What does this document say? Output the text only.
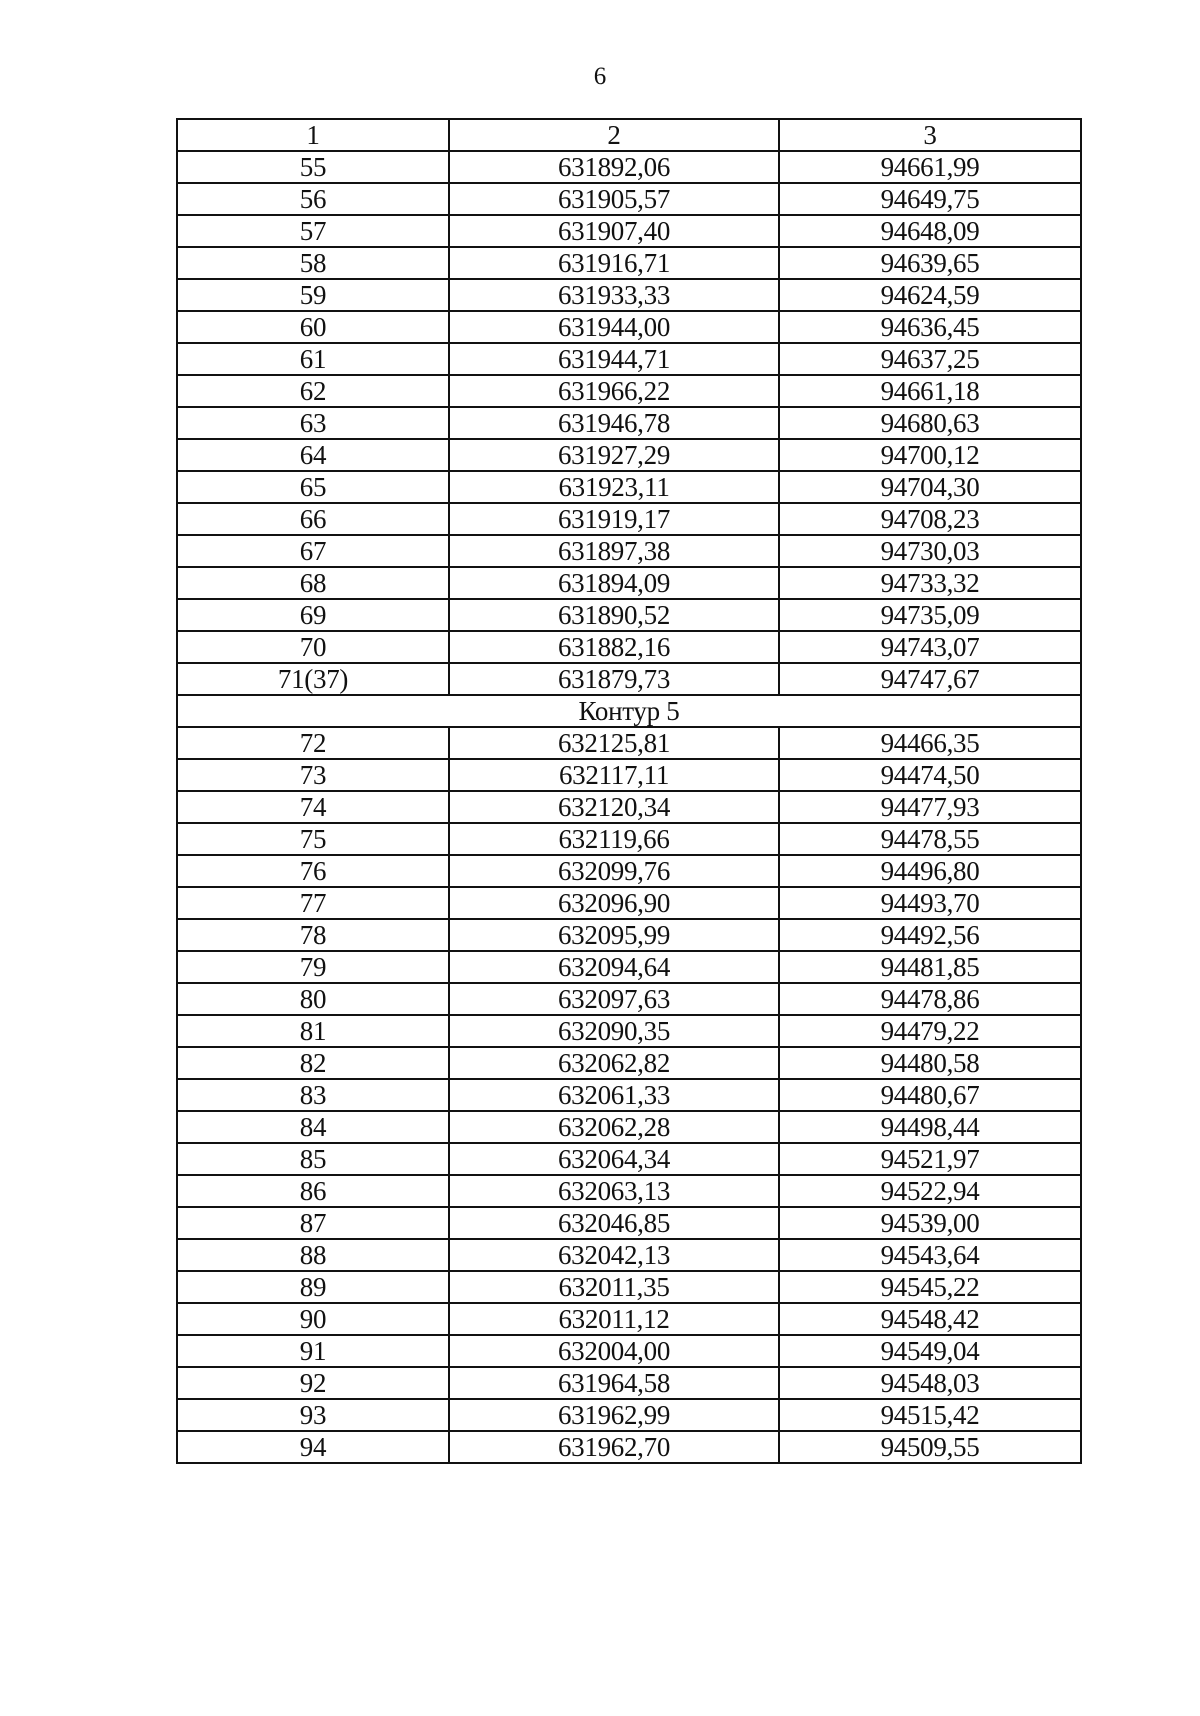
6
1	2	3
55	631892,06	94661,99
56	631905,57	94649,75
57	631907,40	94648,09
58	631916,71	94639,65
59	631933,33	94624,59
60	631944,00	94636,45
61	631944,71	94637,25
62	631966,22	94661,18
63	631946,78	94680,63
64	631927,29	94700,12
65	631923,11	94704,30
66	631919,17	94708,23
67	631897,38	94730,03
68	631894,09	94733,32
69	631890,52	94735,09
70	631882,16	94743,07
71(37)	631879,73	94747,67
Контур 5		
72	632125,81	94466,35
73	632117,11	94474,50
74	632120,34	94477,93
75	632119,66	94478,55
76	632099,76	94496,80
77	632096,90	94493,70
78	632095,99	94492,56
79	632094,64	94481,85
80	632097,63	94478,86
81	632090,35	94479,22
82	632062,82	94480,58
83	632061,33	94480,67
84	632062,28	94498,44
85	632064,34	94521,97
86	632063,13	94522,94
87	632046,85	94539,00
88	632042,13	94543,64
89	632011,35	94545,22
90	632011,12	94548,42
91	632004,00	94549,04
92	631964,58	94548,03
93	631962,99	94515,42
94	631962,70	94509,55
